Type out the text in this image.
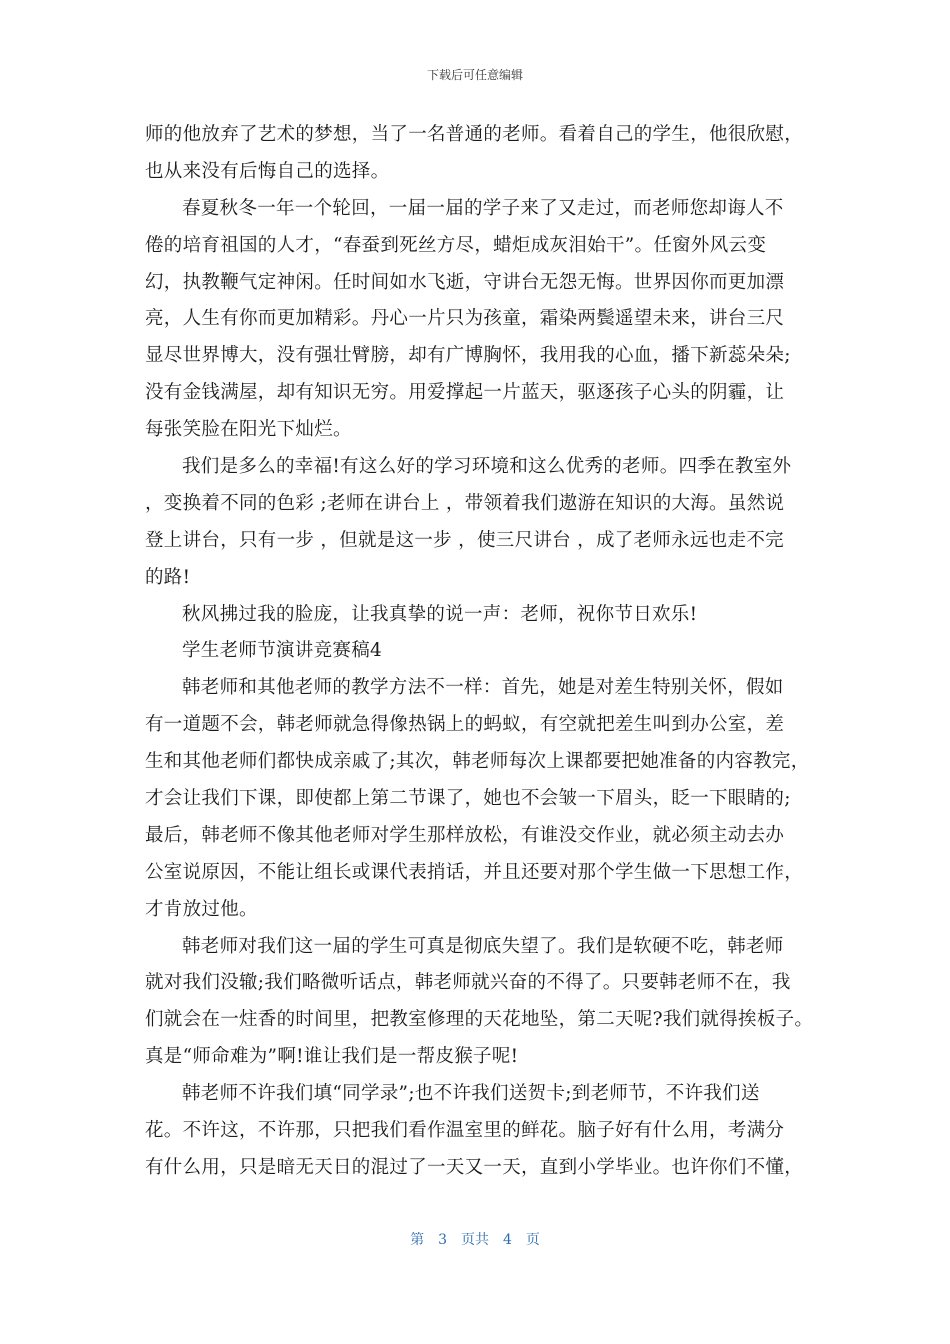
下载后可任意编辑
师的他放弃了艺术的梦想，当了一名普通的老师。看着自己的学生，他很欣慰，
也从来没有后悔自己的选择。
春夏秋冬一年一个轮回，一届一届的学子来了又走过，而老师您却诲人不
倦的培育祖国的人才，“春蚕到死丝方尽，蜡炬成灰泪始干”。任窗外风云变
幻，执教鞭气定神闲。任时间如水飞逝，守讲台无怨无悔。世界因你而更加漂
亮，人生有你而更加精彩。丹心一片只为孩童，霜染两鬓遥望未来，讲台三尺
显尽世界博大，没有强壮臂膀，却有广博胸怀，我用我的心血，播下新蕊朵朵;
没有金钱满屋，却有知识无穷。用爱撑起一片蓝天，驱逐孩子心头的阴霾，让
每张笑脸在阳光下灿烂。
我们是多么的幸福!有这么好的学习环境和这么优秀的老师。四季在教室外
，变换着不同的色彩 ;老师在讲台上 ，带领着我们遨游在知识的大海。虽然说
登上讲台，只有一步 ，但就是这一步 ，使三尺讲台 ，成了老师永远也走不完
的路!
秋风拂过我的脸庞，让我真挚的说一声：老师，祝你节日欢乐!
学生老师节演讲竞赛稿4
韩老师和其他老师的教学方法不一样：首先，她是对差生特别关怀，假如
有一道题不会，韩老师就急得像热锅上的蚂蚁，有空就把差生叫到办公室，差
生和其他老师们都快成亲戚了;其次，韩老师每次上课都要把她准备的内容教完，
才会让我们下课，即使都上第二节课了，她也不会皱一下眉头，眨一下眼睛的;
最后，韩老师不像其他老师对学生那样放松，有谁没交作业，就必须主动去办
公室说原因，不能让组长或课代表捎话，并且还要对那个学生做一下思想工作，
才肯放过他。
韩老师对我们这一届的学生可真是彻底失望了。我们是软硬不吃，韩老师
就对我们没辙;我们略微听话点，韩老师就兴奋的不得了。只要韩老师不在，我
们就会在一炷香的时间里，把教室修理的天花地坠，第二天呢?我们就得挨板子。
真是“师命难为”啊!谁让我们是一帮皮猴子呢!
韩老师不许我们填“同学录”;也不许我们送贺卡;到老师节，不许我们送
花。不许这，不许那，只把我们看作温室里的鲜花。脑子好有什么用，考满分
有什么用，只是暗无天日的混过了一天又一天，直到小学毕业。也许你们不懂，
第 3 页共 4 页
